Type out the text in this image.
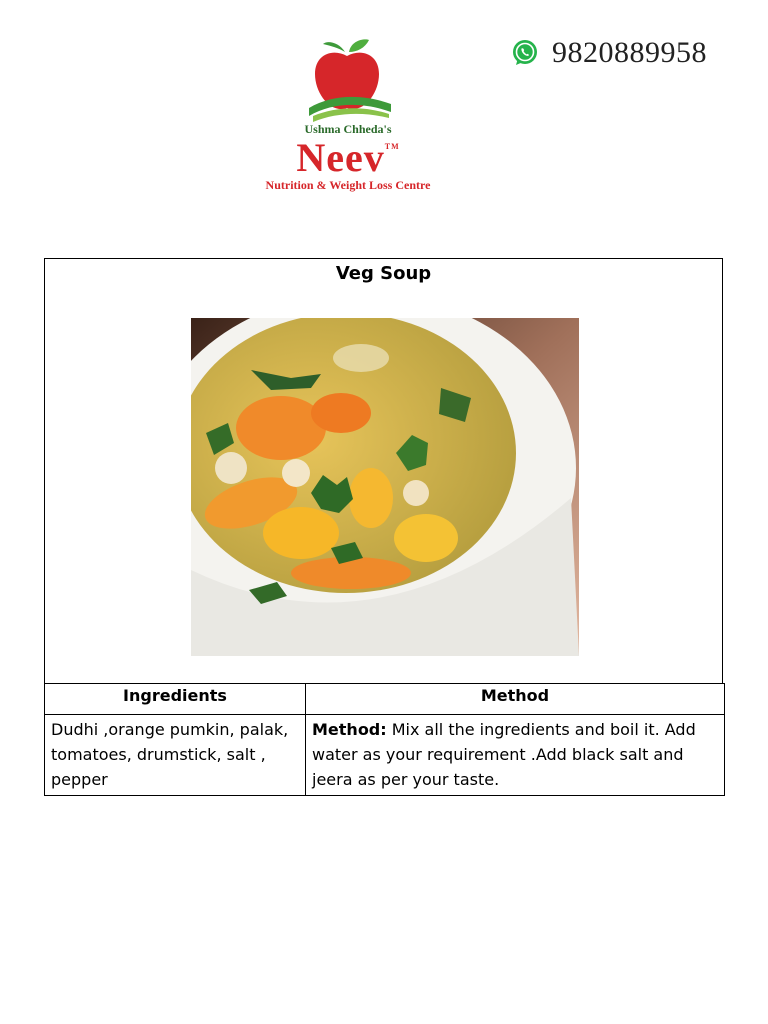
Ushma Chheda's
Neev™
Nutrition & Weight Loss Centre
9820889958
Veg Soup
Ingredients	Method
Dudhi ,orange pumkin, palak, tomatoes, drumstick, salt , pepper	Method: Mix all the ingredients and boil it. Add water as your requirement .Add black salt and jeera as per your taste.
